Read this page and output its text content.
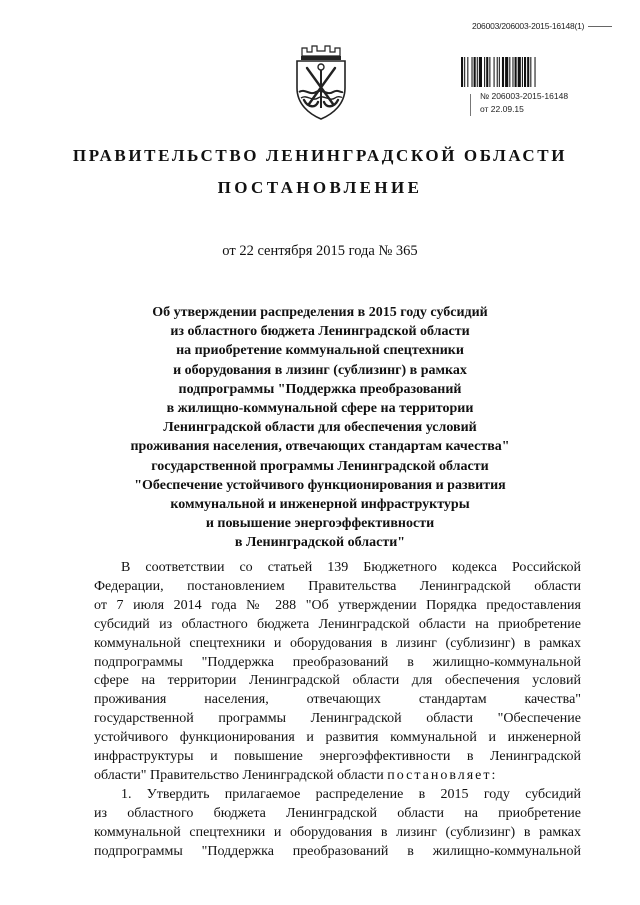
206003/206003-2015-16148(1)
№ 206003-2015-16148
от 22.09.15
ПРАВИТЕЛЬСТВО ЛЕНИНГРАДСКОЙ ОБЛАСТИ
ПОСТАНОВЛЕНИЕ
от 22 сентября 2015 года № 365
Об утверждении распределения в 2015 году субсидий
из областного бюджета Ленинградской области
на приобретение коммунальной спецтехники
и оборудования в лизинг (сублизинг) в рамках
подпрограммы "Поддержка преобразований
в жилищно-коммунальной сфере на территории
Ленинградской области для обеспечения условий
проживания населения, отвечающих стандартам качества"
государственной программы Ленинградской области
"Обеспечение устойчивого функционирования и развития
коммунальной и инженерной инфраструктуры
и повышение энергоэффективности
в Ленинградской области"
В соответствии со статьей 139 Бюджетного кодекса Российской
Федерации, постановлением Правительства Ленинградской области
от 7 июля 2014 года № 288 "Об утверждении Порядка предоставления
субсидий из областного бюджета Ленинградской области на приобретение
коммунальной спецтехники и оборудования в лизинг (сублизинг) в рамках
подпрограммы "Поддержка преобразований в жилищно-коммунальной
сфере на территории Ленинградской области для обеспечения условий
проживания населения, отвечающих стандартам качества"
государственной программы Ленинградской области "Обеспечение
устойчивого функционирования и развития коммунальной и инженерной
инфраструктуры и повышение энергоэффективности в Ленинградской
области" Правительство Ленинградской области постановляет:
1. Утвердить прилагаемое распределение в 2015 году субсидий
из областного бюджета Ленинградской области на приобретение
коммунальной спецтехники и оборудования в лизинг (сублизинг) в рамках
подпрограммы "Поддержка преобразований в жилищно-коммунальной
